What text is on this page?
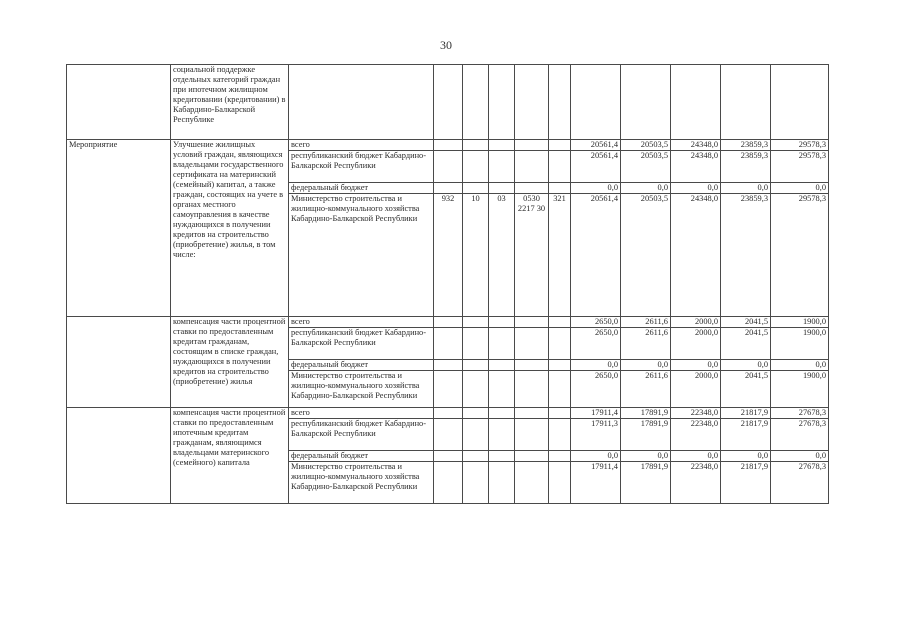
30
	социальной поддержке отдельных категорий граждан при ипотечном жилищном кредитовании (кредитовании) в Кабардино-Балкарской Республике											
Мероприятие	Улучшение жилищных условий граждан, являющихся владельцами государственного сертификата на материнский (семейный) капитал, а также граждан, состоящих на учете в органах местного самоуправления в качестве нуждающихся в получении кредитов на строительство (приобретение) жилья, в том числе:	всего						20561,4	20503,5	24348,0	23859,3	29578,3
		республиканский бюджет Кабардино-Балкарской Республики						20561,4	20503,5	24348,0	23859,3	29578,3
		федеральный бюджет						0,0	0,0	0,0	0,0	0,0
		Министерство строительства и жилищно-коммунального хозяйства Кабардино-Балкарской Республики	932	10	03	0530 2217 30	321	20561,4	20503,5	24348,0	23859,3	29578,3
	компенсация части процентной ставки по предоставленным кредитам гражданам, состоящим в списке граждан, нуждающихся в получении кредитов на строительство (приобретение) жилья	всего						2650,0	2611,6	2000,0	2041,5	1900,0
		республиканский бюджет Кабардино-Балкарской Республики						2650,0	2611,6	2000,0	2041,5	1900,0
		федеральный бюджет						0,0	0,0	0,0	0,0	0,0
		Министерство строительства и жилищно-коммунального хозяйства Кабардино-Балкарской Республики						2650,0	2611,6	2000,0	2041,5	1900,0
	компенсация части процентной ставки по предоставленным ипотечным кредитам гражданам, являющимся владельцами материнского (семейного) капитала	всего						17911,4	17891,9	22348,0	21817,9	27678,3
		республиканский бюджет Кабардино-Балкарской Республики						17911,3	17891,9	22348,0	21817,9	27678,3
		федеральный бюджет						0,0	0,0	0,0	0,0	0,0
		Министерство строительства и жилищно-коммунального хозяйства Кабардино-Балкарской Республики						17911,4	17891,9	22348,0	21817,9	27678,3
